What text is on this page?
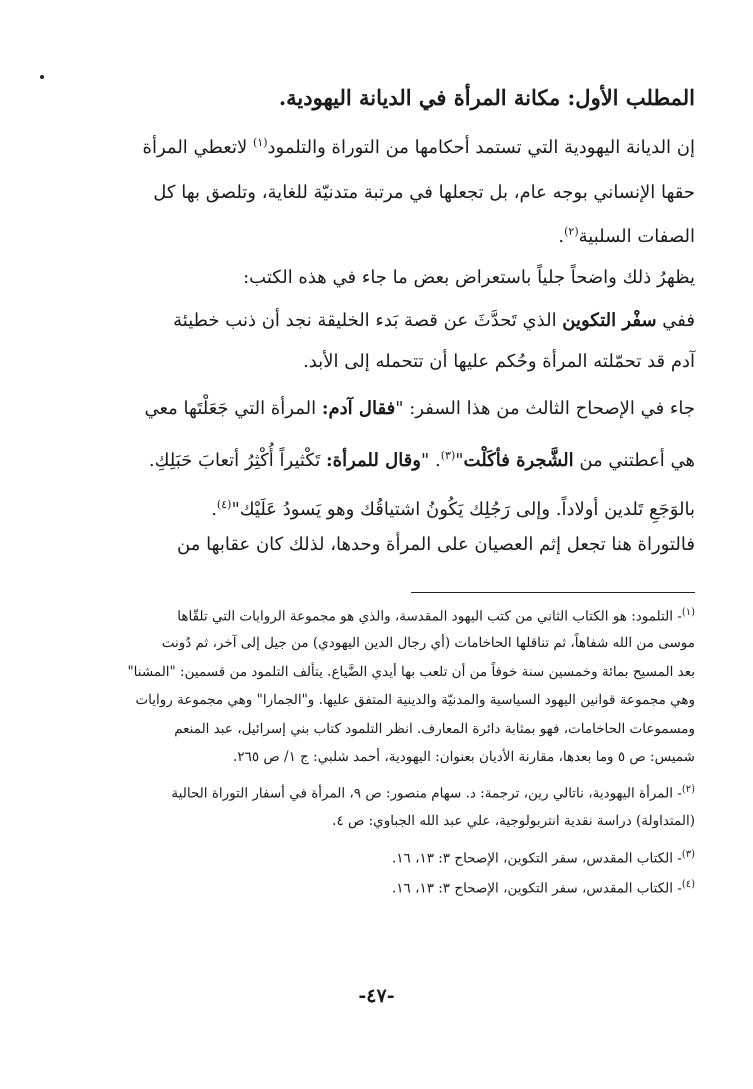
المطلب الأول: مكانة المرأة في الديانة اليهودية.
إن الديانة اليهودية التي تستمد أحكامها من التوراة والتلمود$^{(١)}$ لاتعطي المرأة
حقها الإنساني بوجه عام، بل تجعلها في مرتبة متدنيّة للغاية، وتلصق بها كل
الصفات السلبية$^{(٢)}$.
يظهرُ ذلك واضحاً جلياً باستعراض بعض ما جاء في هذه الكتب:
ففي سفْر التكوين الذي تَحدَّثَ عن قصة بَدء الخليقة نجد أن ذنب خطيئة
آدم قد تحمّلته المرأة وحُكم عليها أن تتحمله إلى الأبد.
جاء في الإصحاح الثالث من هذا السفر: "فقال آدم: المرأة التي جَعَلْتَها معي
هي أعطتني من الشَّجرة فأكَلْت"$^{(٣)}$. "وقال للمرأة: تَكْثيراً أُكْثِرُ أتعابَ حَبَلِكِ.
بالوَجَعِ تَلدين أولاداً. وإلى رَجُلِك يَكُونُ اشتياقُك وهو يَسودُ عَلَيْك"$^{(٤)}$.
فالتوراة هنا تجعل إثم العصيان على المرأة وحدها، لذلك كان عقابها من
$^{(١)}$- التلمود: هو الكتاب الثاني من كتب اليهود المقدسة، والذي هو مجموعة الروايات التي تلقّاها
موسى من الله شفاهاً، ثم تناقلها الحاخامات (أي رجال الدين اليهودي) من جيل إلى آخر، ثم دُونت
بعد المسيح بمائة وخمسين سنة خوفاً من أن تلعب بها أيدي الضَّياع. يتألف التلمود من قسمين: "المشنا"
وهي مجموعة قوانين اليهود السياسية والمدنيّة والدينية المتفق عليها. و"الجمارا" وهي مجموعة روايات
ومسموعات الحاخامات، فهو بمثابة دائرة المعارف. انظر التلمود كتاب بني إسرائيل، عبد المنعم
شميس: ص ٥ وما بعدها، مقارنة الأديان بعنوان: اليهودية، أحمد شلبي: ج ١/ ص ٢٦٥.
$^{(٢)}$- المرأة اليهودية، ناتالي رين، ترجمة: د. سهام منصور: ص ٩، المرأة في أسفار التوراة الحالية
(المتداولة) دراسة نقدية انتربولوجية، علي عبد الله الجباوي: ص ٤.
$^{(٣)}$- الكتاب المقدس، سفر التكوين، الإصحاح ٣: ١٣، ١٦.
$^{(٤)}$- الكتاب المقدس، سفر التكوين، الإصحاح ٣: ١٣، ١٦.
-٤٧-
